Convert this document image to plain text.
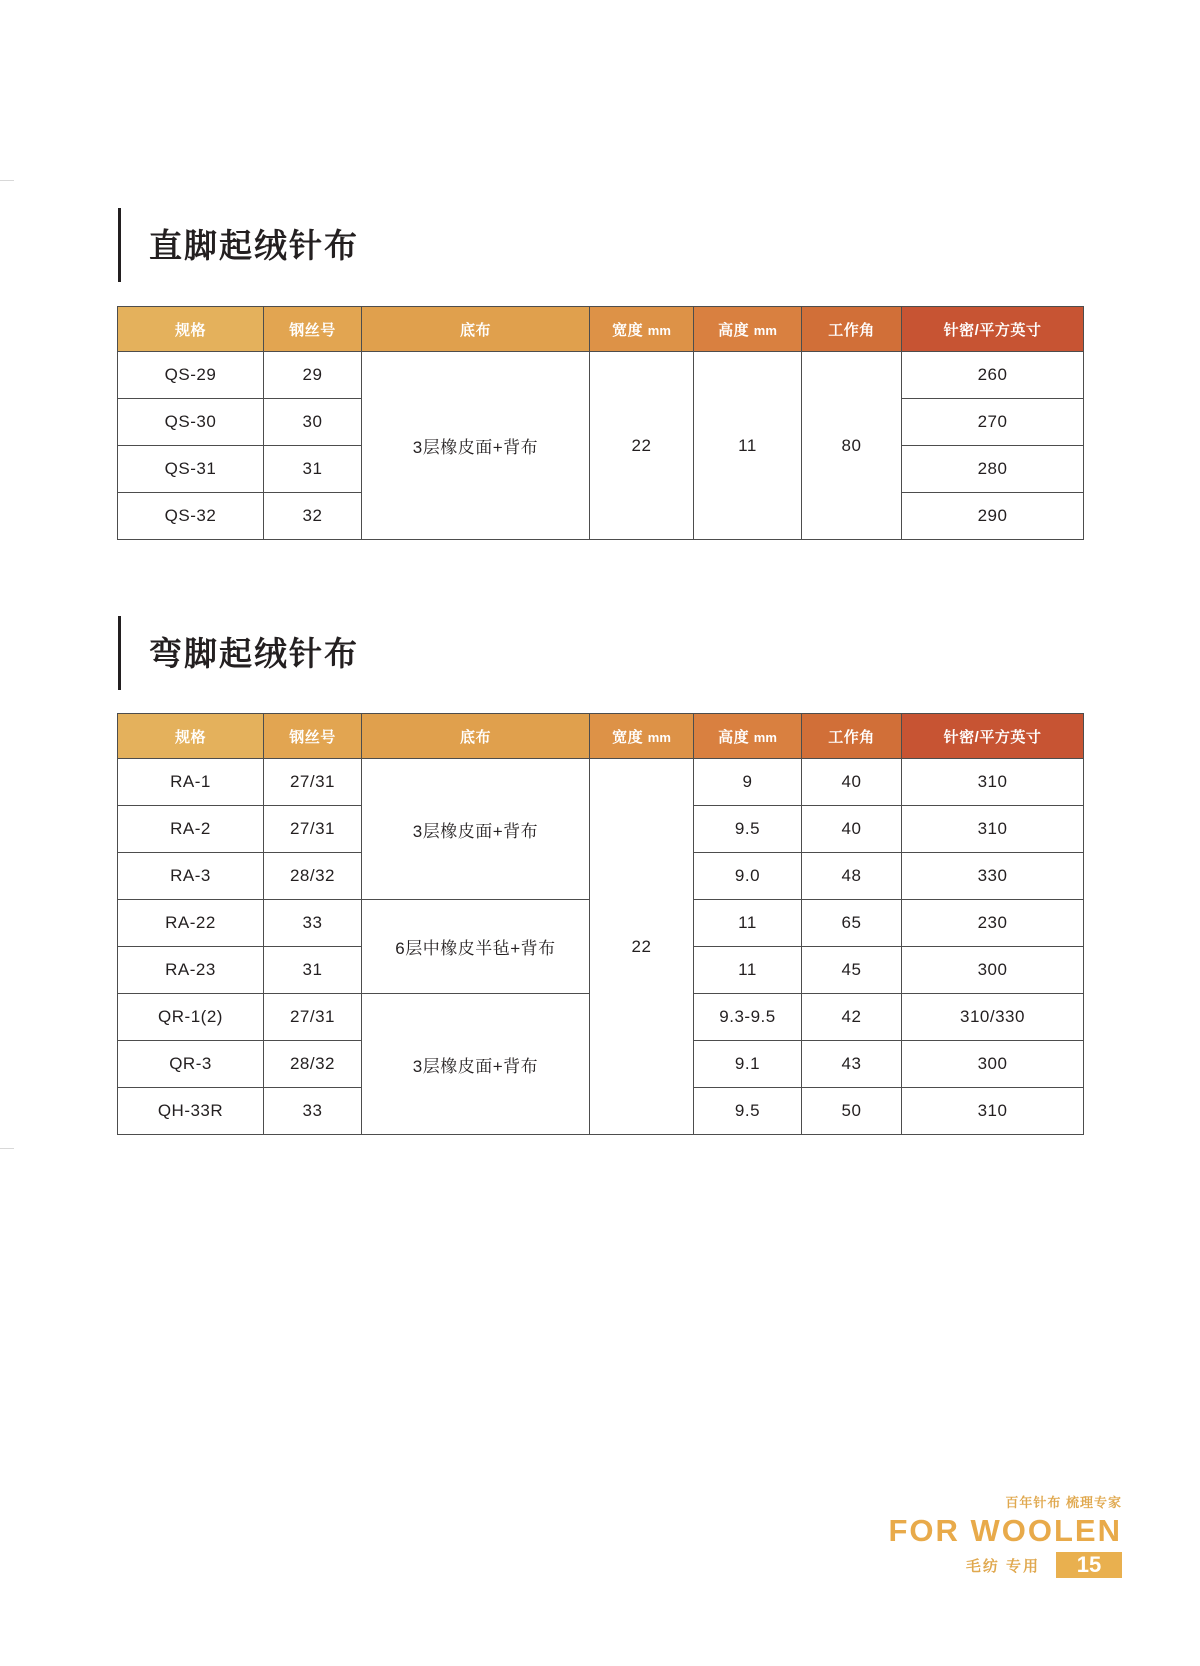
直脚起绒针布
规格	钢丝号	底布	宽度 mm	高度 mm	工作角	针密/平方英寸
QS-29	29	3层橡皮面+背布	22	11	80	260
QS-30	30					270
QS-31	31					280
QS-32	32					290
弯脚起绒针布
规格	钢丝号	底布	宽度 mm	高度 mm	工作角	针密/平方英寸
RA-1	27/31	3层橡皮面+背布	22	9	40	310
RA-2	27/31			9.5	40	310
RA-3	28/32			9.0	48	330
RA-22	33	6层中橡皮半毡+背布		11	65	230
RA-23	31			11	45	300
QR-1(2)	27/31	3层橡皮面+背布		9.3-9.5	42	310/330
QR-3	28/32			9.1	43	300
QH-33R	33			9.5	50	310
百年针布 梳理专家
FOR WOOLEN
毛纺 专用	15
